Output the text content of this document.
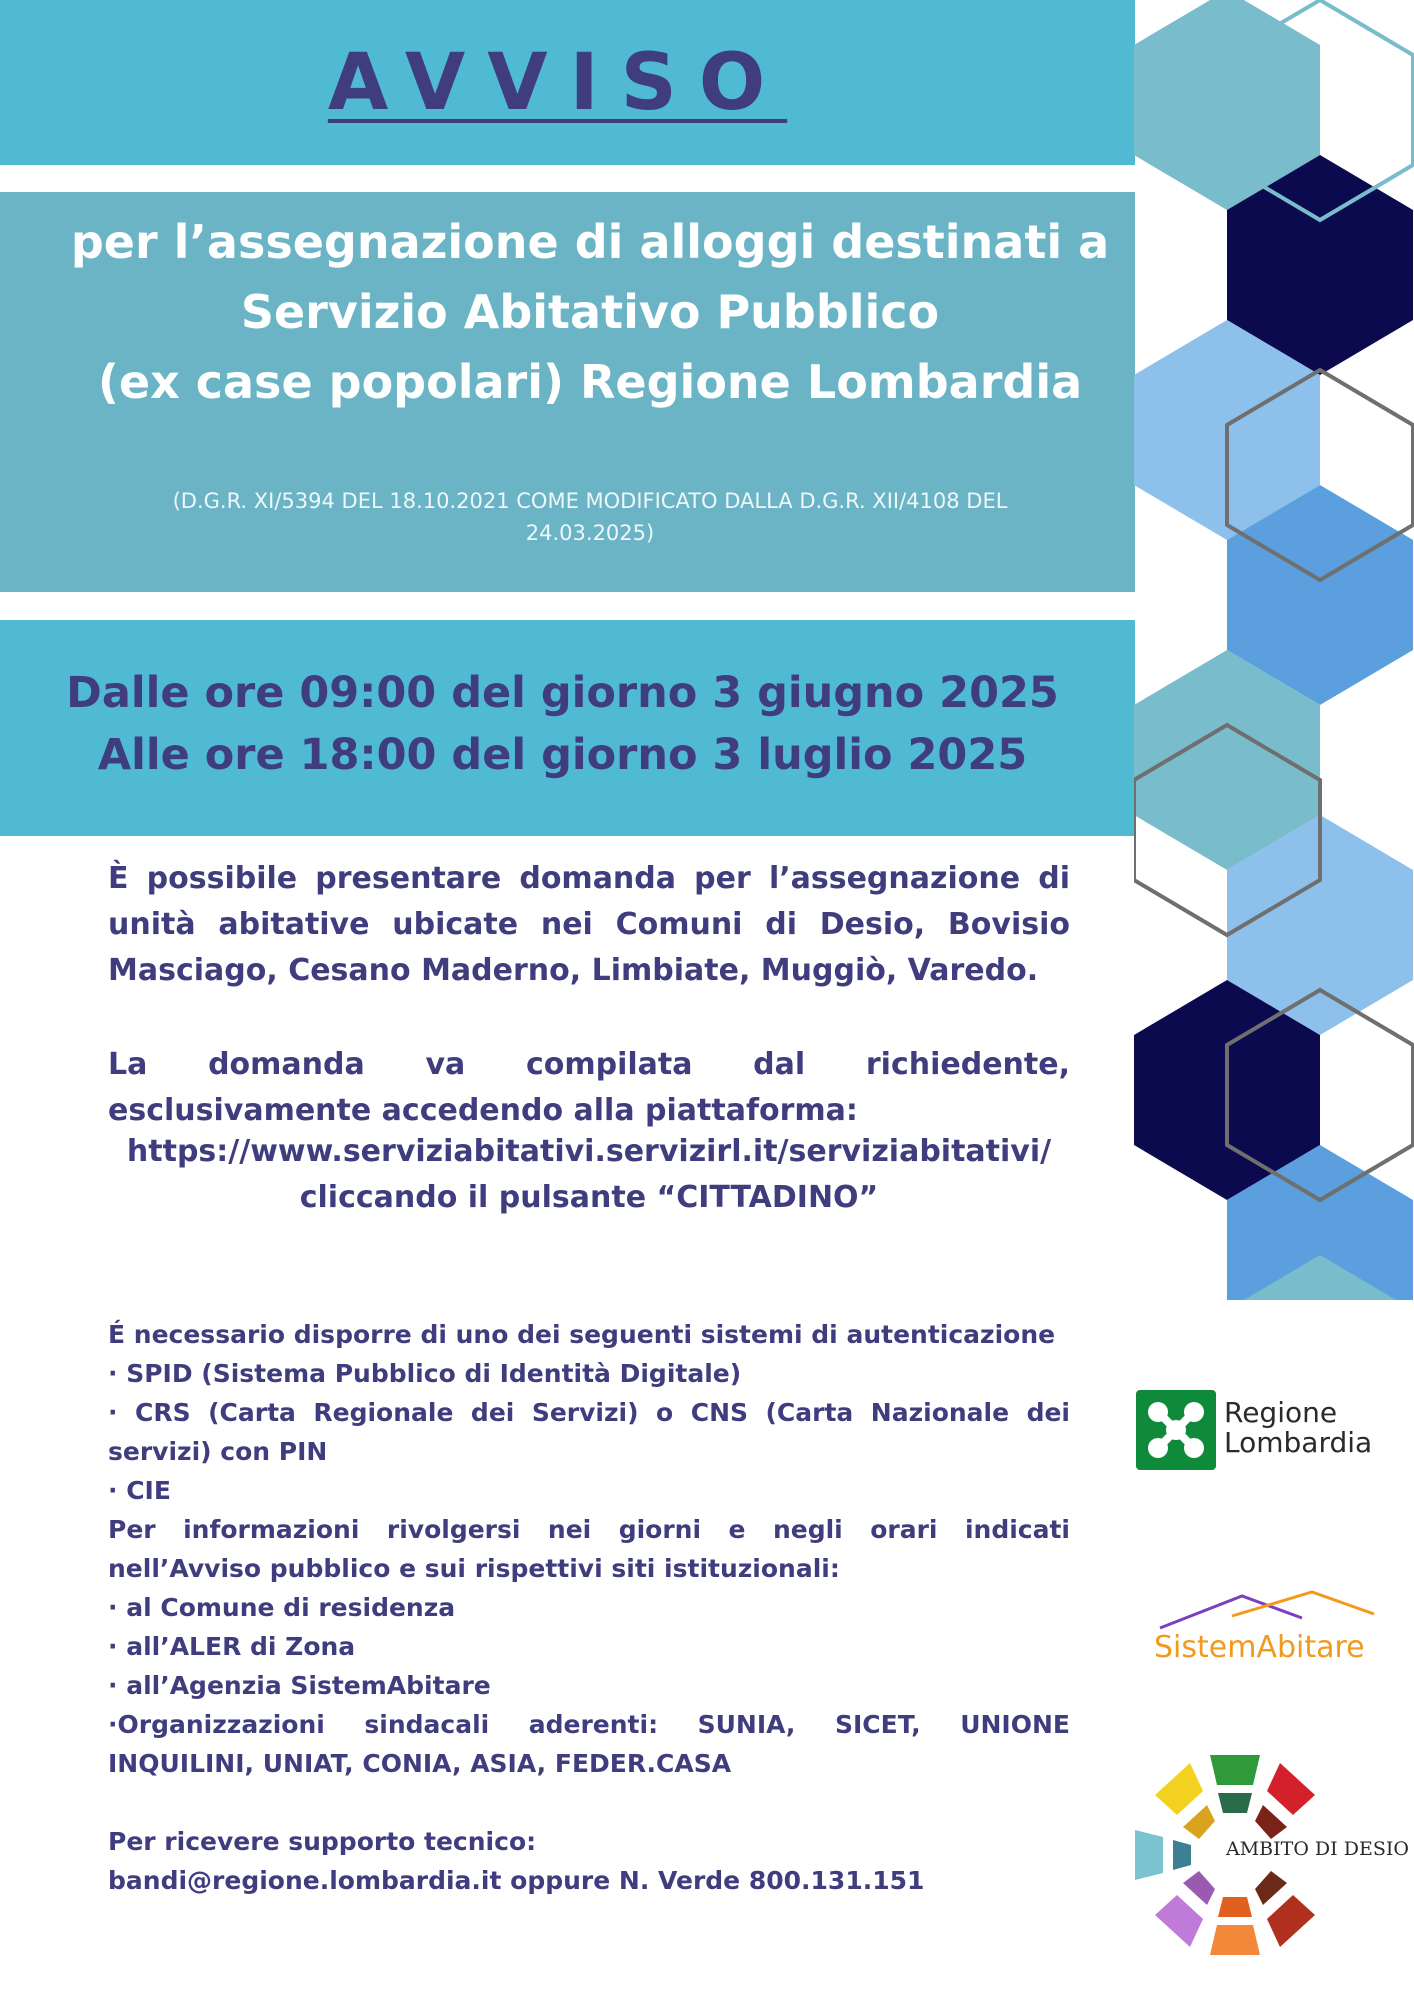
AVVISO
per l’assegnazione di alloggi destinati a
Servizio Abitativo Pubblico
(ex case popolari) Regione Lombardia
(D.G.R. XI/5394 DEL 18.10.2021 COME MODIFICATO DALLA D.G.R. XII/4108 DEL 24.03.2025)
Dalle ore 09:00 del giorno 3 giugno 2025
Alle ore 18:00 del giorno 3 luglio 2025
È possibile presentare domanda per l’assegnazione di unità abitative ubicate nei Comuni di Desio, Bovisio Masciago, Cesano Maderno, Limbiate, Muggiò, Varedo.
La domanda va compilata dal richiedente, esclusivamente accedendo alla piattaforma:
https://www.serviziabitativi.servizirl.it/serviziabitativi/
cliccando il pulsante “CITTADINO”
É necessario disporre di uno dei seguenti sistemi di autenticazione
· SPID (Sistema Pubblico di Identità Digitale)
· CRS (Carta Regionale dei Servizi) o CNS (Carta Nazionale dei servizi) con PIN
· CIE
Per informazioni rivolgersi nei giorni e negli orari indicati nell’Avviso pubblico e sui rispettivi siti istituzionali:
· al Comune di residenza
· all’ALER di Zona
· all’Agenzia SistemAbitare
·Organizzazioni sindacali aderenti: SUNIA, SICET, UNIONE INQUILINI, UNIAT, CONIA, ASIA, FEDER.CASA
Per ricevere supporto tecnico:
bandi@regione.lombardia.it oppure N. Verde 800.131.151
Regione
Lombardia
SistemAbitare
AMBITO DI DESIO
